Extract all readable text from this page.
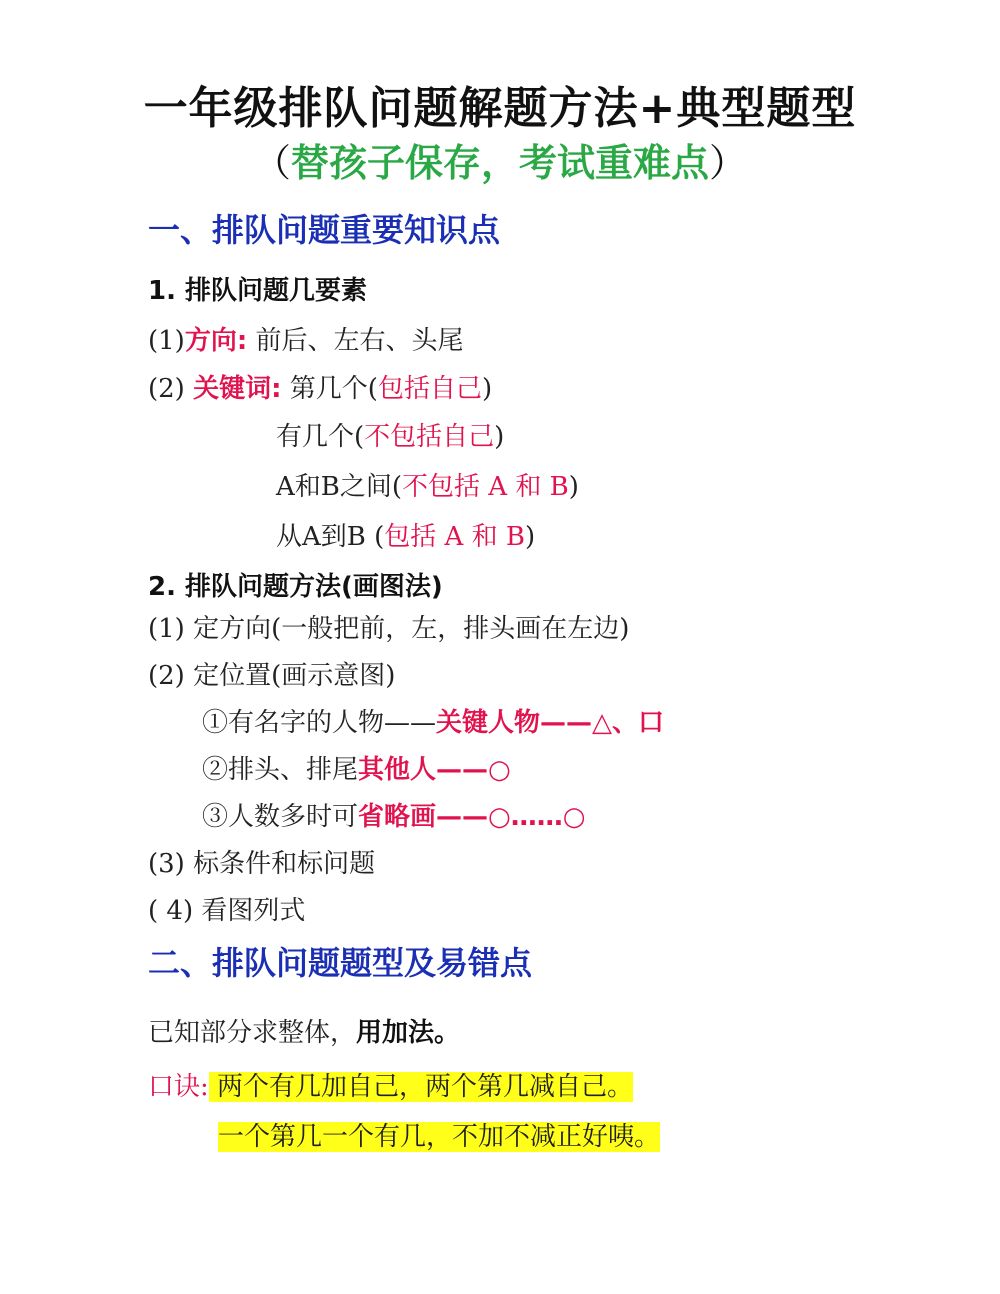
一年级排队问题解题方法+典型题型
（替孩子保存，考试重难点）
一、排队问题重要知识点
1. 排队问题几要素
(1)方向: 前后、左右、头尾
(2) 关键词: 第几个(包括自己)
有几个(不包括自己)
A和B之间(不包括 A 和 B)
从A到B (包括 A 和 B)
2. 排队问题方法(画图法)
(1) 定方向(一般把前，左，排头画在左边)
(2) 定位置(画示意图)
①有名字的人物——关键人物——△、口
②排头、排尾其他人——○
③人数多时可省略画——○……○
(3) 标条件和标问题
( 4) 看图列式
二、排队问题题型及易错点
已知部分求整体，用加法。
口诀: 两个有几加自己，两个第几减自己。
一个第几一个有几，不加不减正好咦。
